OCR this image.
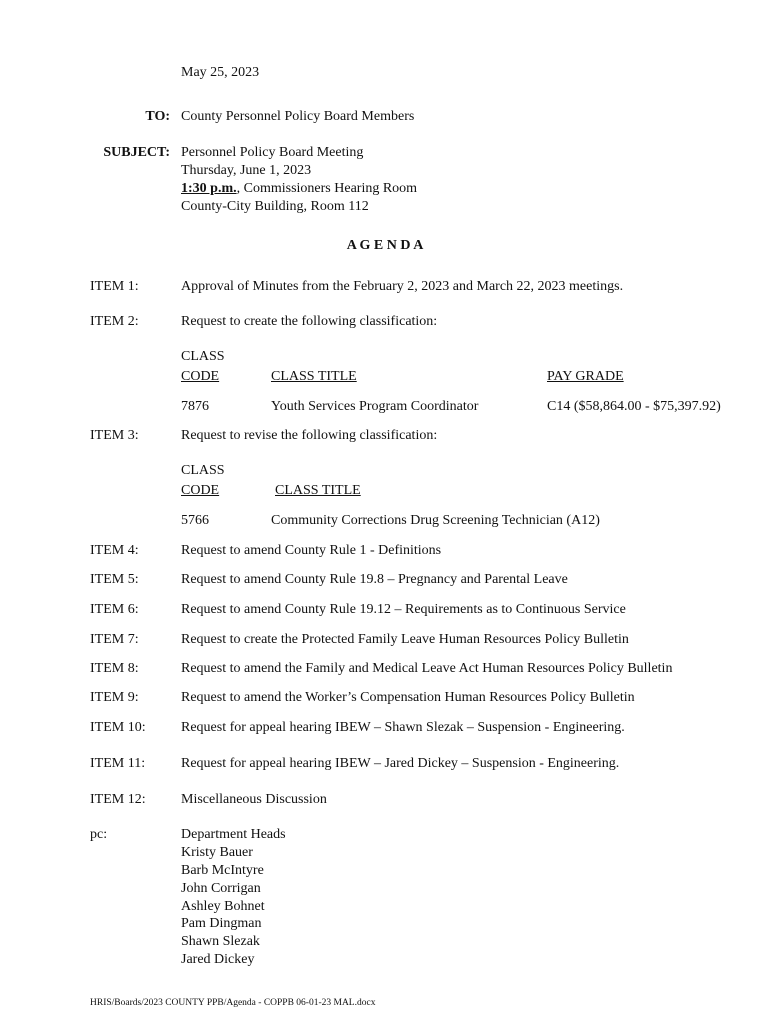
May 25, 2023
TO: County Personnel Policy Board Members
SUBJECT: Personnel Policy Board Meeting
Thursday, June 1, 2023
1:30 p.m., Commissioners Hearing Room
County-City Building, Room 112
A G E N D A
ITEM 1:	Approval of Minutes from the February 2, 2023 and March 22, 2023 meetings.
ITEM 2:	Request to create the following classification:
CLASS
CODE	CLASS TITLE	PAY GRADE
7876	Youth Services Program Coordinator	C14 ($58,864.00 - $75,397.92)
ITEM 3:	Request to revise the following classification:
CLASS
CODE	CLASS TITLE
5766	Community Corrections Drug Screening Technician (A12)
ITEM 4:	Request to amend County Rule 1 - Definitions
ITEM 5:	Request to amend County Rule 19.8 – Pregnancy and Parental Leave
ITEM 6:	Request to amend County Rule 19.12 – Requirements as to Continuous Service
ITEM 7:	Request to create the Protected Family Leave Human Resources Policy Bulletin
ITEM 8:	Request to amend the Family and Medical Leave Act Human Resources Policy Bulletin
ITEM 9:	Request to amend the Worker’s Compensation Human Resources Policy Bulletin
ITEM 10:	Request for appeal hearing IBEW – Shawn Slezak – Suspension - Engineering.
ITEM 11:	Request for appeal hearing IBEW – Jared Dickey – Suspension - Engineering.
ITEM 12:	Miscellaneous Discussion
pc:	Department Heads
Kristy Bauer
Barb McIntyre
John Corrigan
Ashley Bohnet
Pam Dingman
Shawn Slezak
Jared Dickey
HRIS/Boards/2023 COUNTY PPB/Agenda - COPPB 06-01-23 MAL.docx
